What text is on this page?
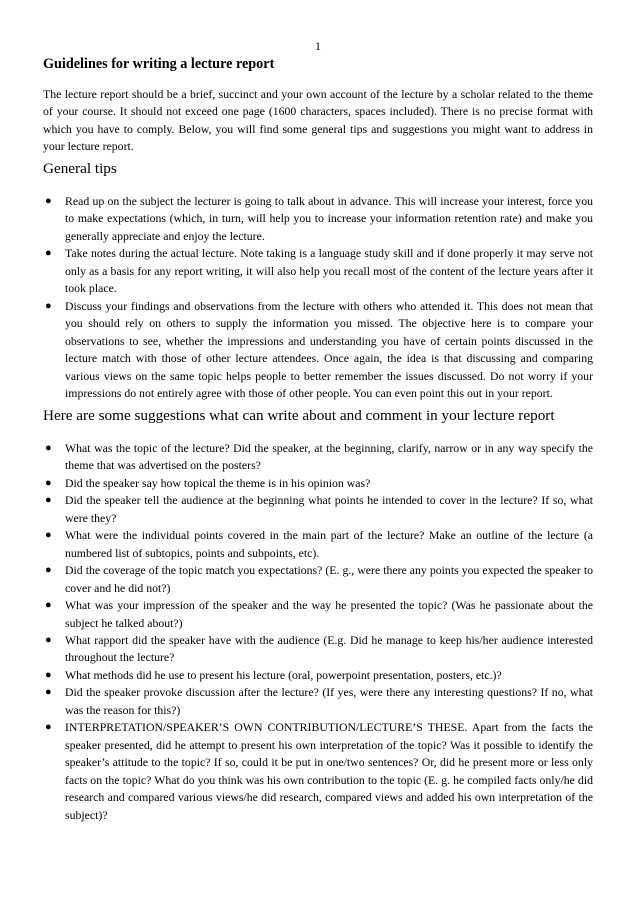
1
Guidelines for writing a lecture report

The lecture report should be a brief, succinct and your own account of the lecture by a scholar related to the theme of your course. It should not exceed one page (1600 characters, spaces included). There is no precise format with which you have to comply. Below, you will find some general tips and suggestions you might want to address in your lecture report.

General tips
● Read up on the subject the lecturer is going to talk about in advance. This will increase your interest, force you to make expectations (which, in turn, will help you to increase your information retention rate) and make you generally appreciate and enjoy the lecture.
● Take notes during the actual lecture. Note taking is a language study skill and if done properly it may serve not only as a basis for any report writing, it will also help you recall most of the content of the lecture years after it took place.
● Discuss your findings and observations from the lecture with others who attended it. This does not mean that you should rely on others to supply the information you missed. The objective here is to compare your observations to see, whether the impressions and understanding you have of certain points discussed in the lecture match with those of other lecture attendees. Once again, the idea is that discussing and comparing various views on the same topic helps people to better remember the issues discussed. Do not worry if your impressions do not entirely agree with those of other people. You can even point this out in your report.
Here are some suggestions what can write about and comment in your lecture report
● What was the topic of the lecture? Did the speaker, at the beginning, clarify, narrow or in any way specify the theme that was advertised on the posters?
● Did the speaker say how topical the theme is in his opinion was?
● Did the speaker tell the audience at the beginning what points he intended to cover in the lecture? If so, what were they?
● What were the individual points covered in the main part of the lecture? Make an outline of the lecture (a numbered list of subtopics, points and subpoints, etc).
● Did the coverage of the topic match you expectations? (E. g., were there any points you expected the speaker to cover and he did not?)
● What was your impression of the speaker and the way he presented the topic? (Was he passionate about the subject he talked about?)
● What rapport did the speaker have with the audience (E.g. Did he manage to keep his/her audience interested throughout the lecture?
● What methods did he use to present his lecture (oral, powerpoint presentation, posters, etc.)?
● Did the speaker provoke discussion after the lecture? (If yes, were there any interesting questions? If no, what was the reason for this?)
● INTERPRETATION/SPEAKER’S OWN CONTRIBUTION/LECTURE’S THESE. Apart from the facts the speaker presented, did he attempt to present his own interpretation of the topic? Was it possible to identify the speaker’s attitude to the topic? If so, could it be put in one/two sentences? Or, did he present more or less only facts on the topic? What do you think was his own contribution to the topic (E. g. he compiled facts only/he did research and compared various views/he did research, compared views and added his own interpretation of the subject)?
